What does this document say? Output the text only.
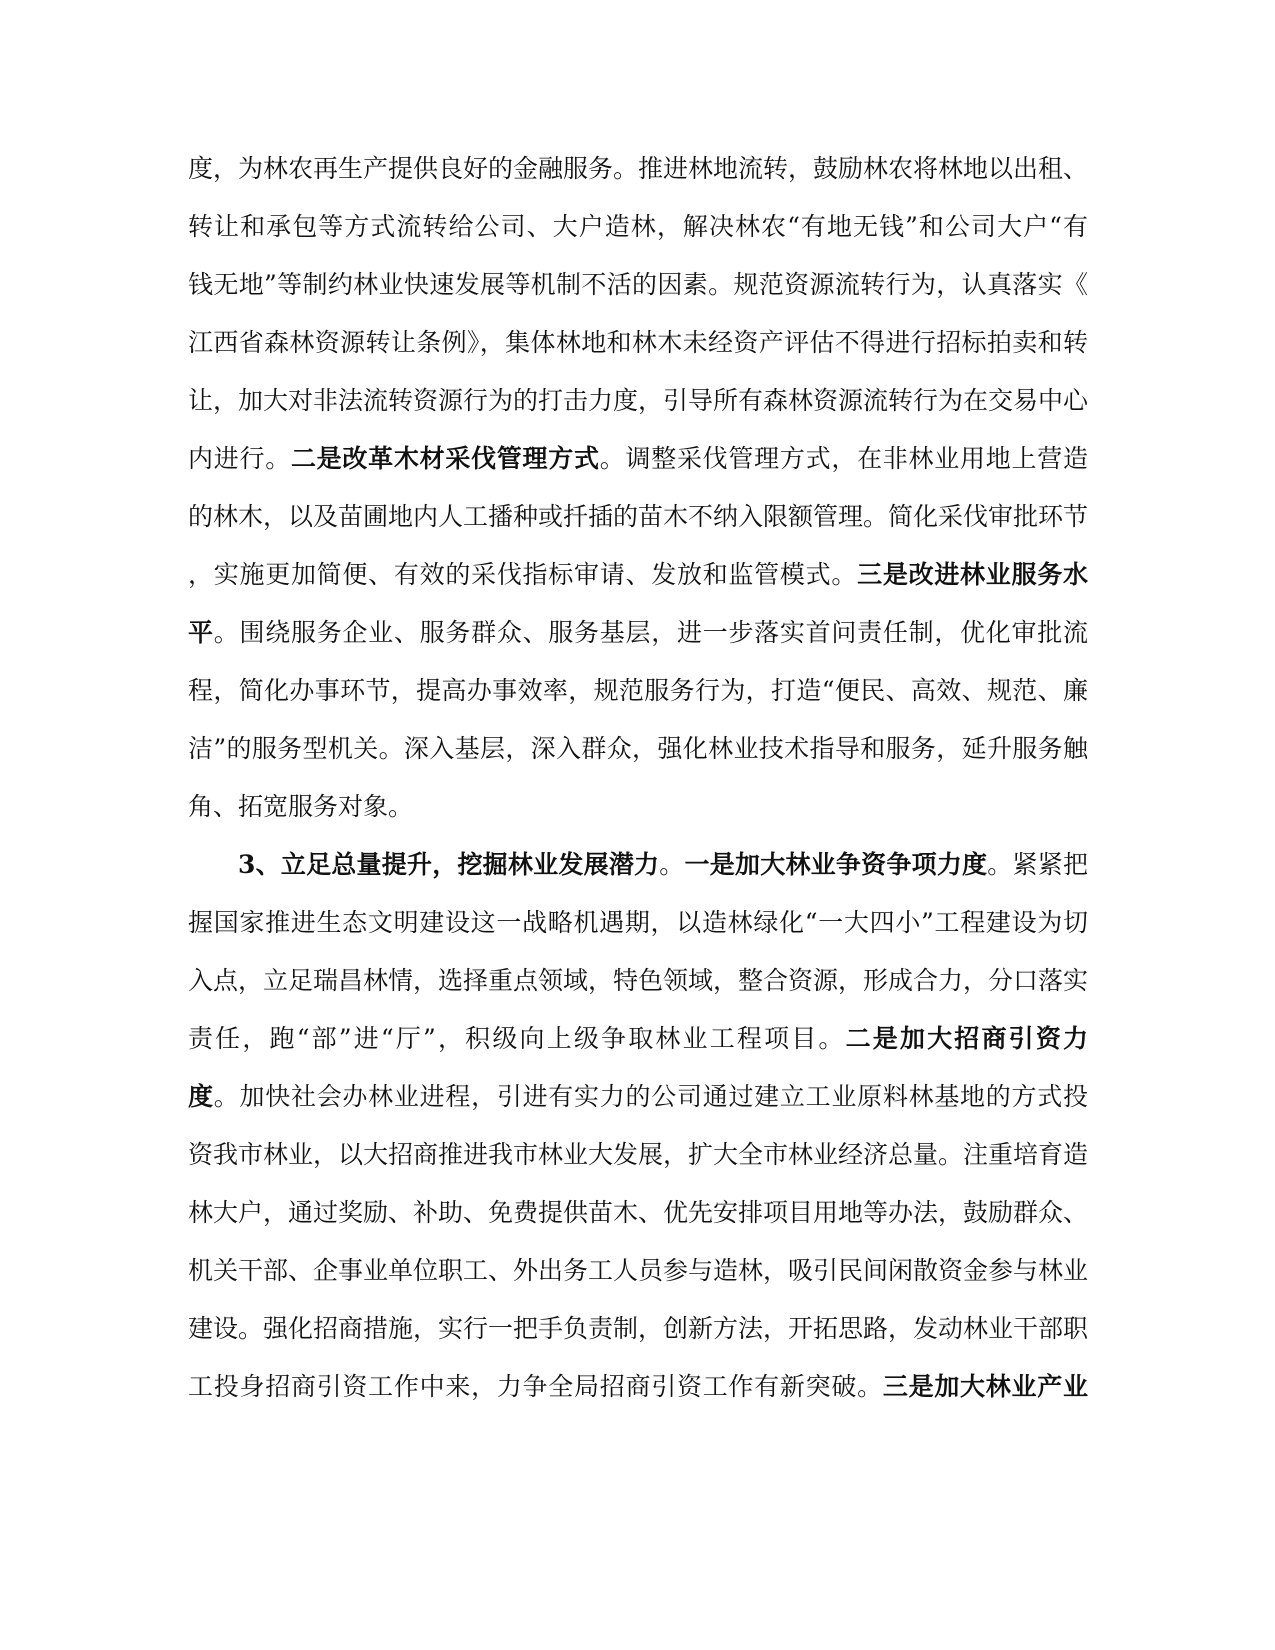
度，为林农再生产提供良好的金融服务。推进林地流转，鼓励林农将林地以出租、
转让和承包等方式流转给公司、大户造林，解决林农“有地无钱”和公司大户“有
钱无地”等制约林业快速发展等机制不活的因素。规范资源流转行为，认真落实《
江西省森林资源转让条例》，集体林地和林木未经资产评估不得进行招标拍卖和转
让，加大对非法流转资源行为的打击力度，引导所有森林资源流转行为在交易中心
内进行。二是改革木材采伐管理方式。调整采伐管理方式，在非林业用地上营造
的林木，以及苗圃地内人工播种或扦插的苗木不纳入限额管理。简化采伐审批环节
，实施更加简便、有效的采伐指标审请、发放和监管模式。三是改进林业服务水
平。围绕服务企业、服务群众、服务基层，进一步落实首问责任制，优化审批流
程，简化办事环节，提高办事效率，规范服务行为，打造“便民、高效、规范、廉
洁”的服务型机关。深入基层，深入群众，强化林业技术指导和服务，延升服务触
角、拓宽服务对象。
3、立足总量提升，挖掘林业发展潜力。一是加大林业争资争项力度。紧紧把
握国家推进生态文明建设这一战略机遇期，以造林绿化“一大四小”工程建设为切
入点，立足瑞昌林情，选择重点领域，特色领域，整合资源，形成合力，分口落实
责任，跑“部”进“厅”，积级向上级争取林业工程项目。二是加大招商引资力
度。加快社会办林业进程，引进有实力的公司通过建立工业原料林基地的方式投
资我市林业，以大招商推进我市林业大发展，扩大全市林业经济总量。注重培育造
林大户，通过奖励、补助、免费提供苗木、优先安排项目用地等办法，鼓励群众、
机关干部、企事业单位职工、外出务工人员参与造林，吸引民间闲散资金参与林业
建设。强化招商措施，实行一把手负责制，创新方法，开拓思路，发动林业干部职
工投身招商引资工作中来，力争全局招商引资工作有新突破。三是加大林业产业
